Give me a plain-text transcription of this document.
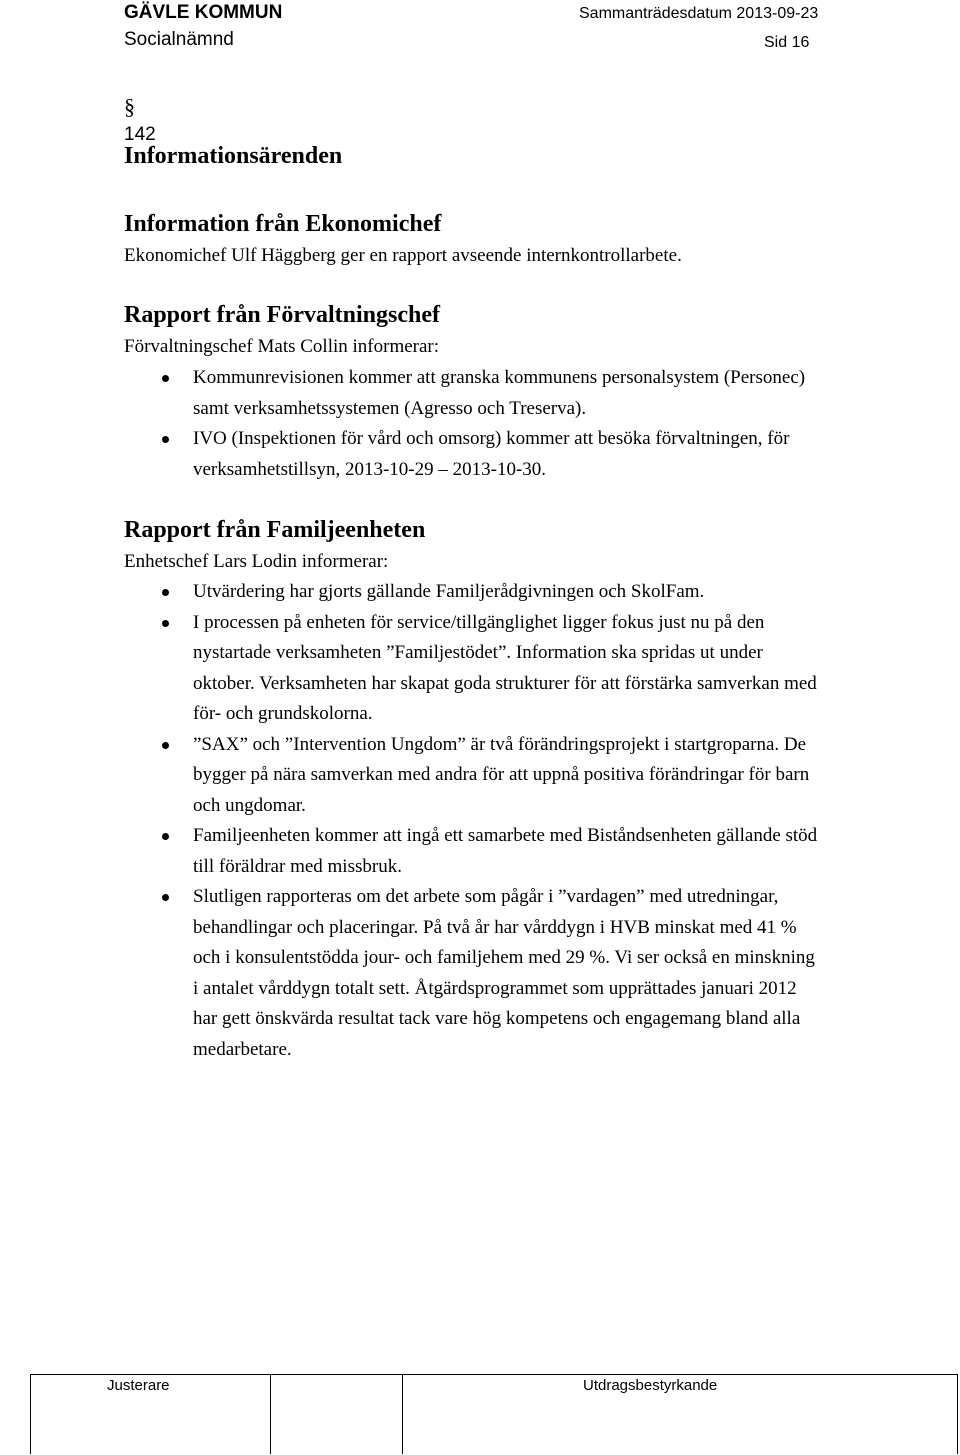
GÄVLE KOMMUN
Socialnämnd
Sammanträdesdatum 2013-09-23
Sid 16
§
142
Informationsärenden
Information från Ekonomichef
Ekonomichef Ulf Häggberg ger en rapport avseende internkontrollarbete.
Rapport från Förvaltningschef
Förvaltningschef Mats Collin informerar:
Kommunrevisionen kommer att granska kommunens personalsystem (Personec) samt verksamhetssystemen (Agresso och Treserva).
IVO (Inspektionen för vård och omsorg) kommer att besöka förvaltningen, för verksamhetstillsyn, 2013-10-29 – 2013-10-30.
Rapport från Familjeenheten
Enhetschef Lars Lodin informerar:
Utvärdering har gjorts gällande Familjerådgivningen och SkolFam.
I processen på enheten för service/tillgänglighet ligger fokus just nu på den nystartade verksamheten ”Familjestödet”. Information ska spridas ut under oktober. Verksamheten har skapat goda strukturer för att förstärka samverkan med för- och grundskolorna.
”SAX” och ”Intervention Ungdom” är två förändringsprojekt i startgroparna. De bygger på nära samverkan med andra för att uppnå positiva förändringar för barn och ungdomar.
Familjeenheten kommer att ingå ett samarbete med Biståndsenheten gällande stöd till föräldrar med missbruk.
Slutligen rapporteras om det arbete som pågår i ”vardagen” med utredningar, behandlingar och placeringar. På två år har vårddygn i HVB minskat med 41 % och i konsulentstödda jour- och familjehem med 29 %. Vi ser också en minskning i antalet vårddygn totalt sett. Åtgärdsprogrammet som upprättades januari 2012 har gett önskvärda resultat tack vare hög kompetens och engagemang bland alla medarbetare.
Justerare	Utdragsbestyrkande
